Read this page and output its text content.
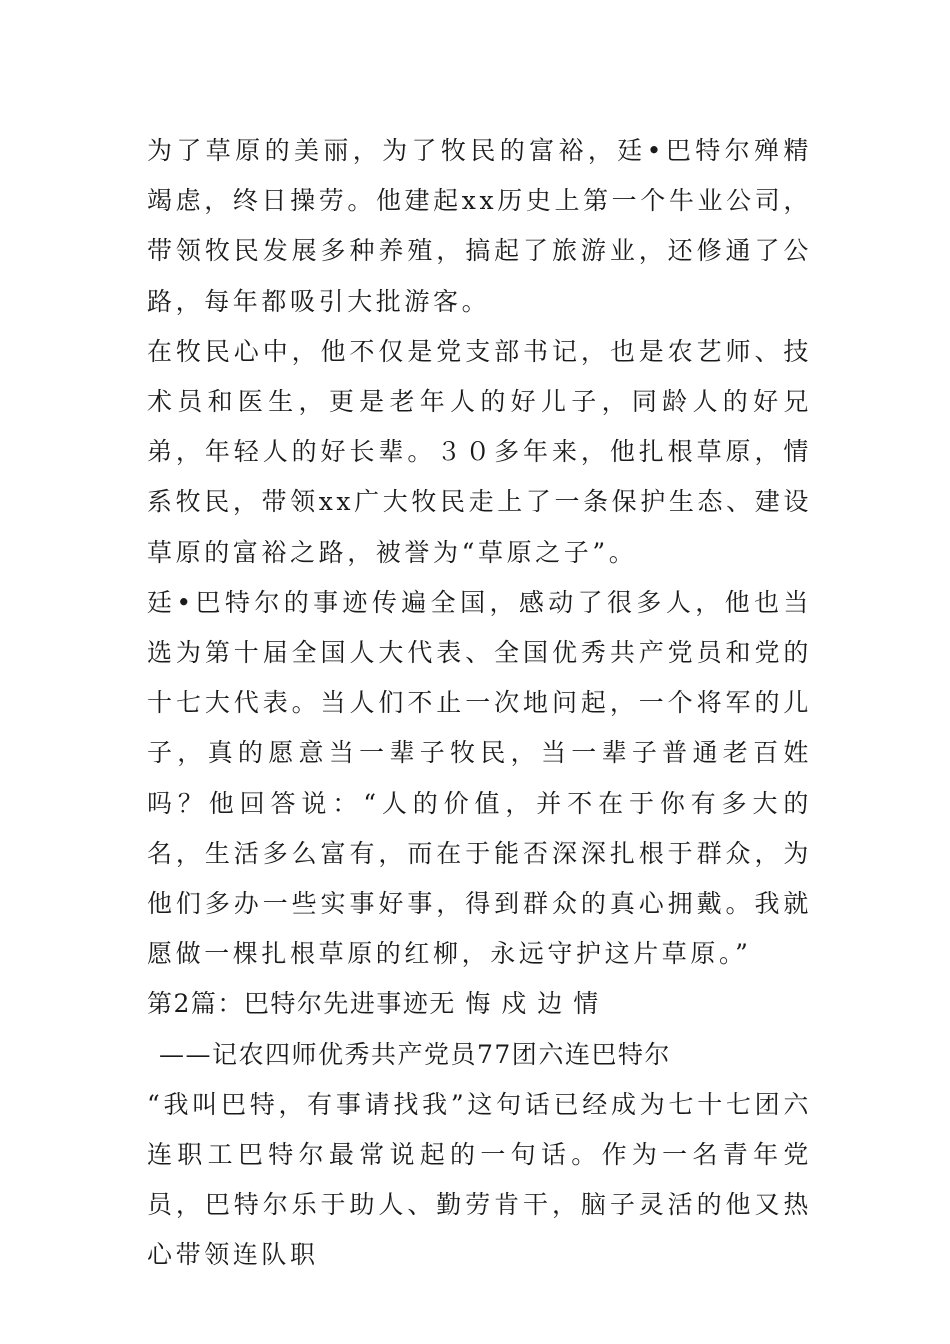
为了草原的美丽，为了牧民的富裕，廷•巴特尔殚精竭虑，终日操劳。他建起xx历史上第一个牛业公司，带领牧民发展多种养殖，搞起了旅游业，还修通了公路，每年都吸引大批游客。

在牧民心中，他不仅是党支部书记，也是农艺师、技术员和医生，更是老年人的好儿子，同龄人的好兄弟，年轻人的好长辈。３０多年来，他扎根草原，情系牧民，带领xx广大牧民走上了一条保护生态、建设草原的富裕之路，被誉为“草原之子”。

廷•巴特尔的事迹传遍全国，感动了很多人，他也当选为第十届全国人大代表、全国优秀共产党员和党的十七大代表。当人们不止一次地问起，一个将军的儿子，真的愿意当一辈子牧民，当一辈子普通老百姓吗？他回答说：“人的价值，并不在于你有多大的名，生活多么富有，而在于能否深深扎根于群众，为他们多办一些实事好事，得到群众的真心拥戴。我就愿做一棵扎根草原的红柳，永远守护这片草原。”

第2篇：巴特尔先进事迹无 悔 戍 边 情

——记农四师优秀共产党员77团六连巴特尔

“我叫巴特，有事请找我”这句话已经成为七十七团六连职工巴特尔最常说起的一句话。作为一名青年党员，巴特尔乐于助人、勤劳肯干，脑子灵活的他又热心带领连队职
